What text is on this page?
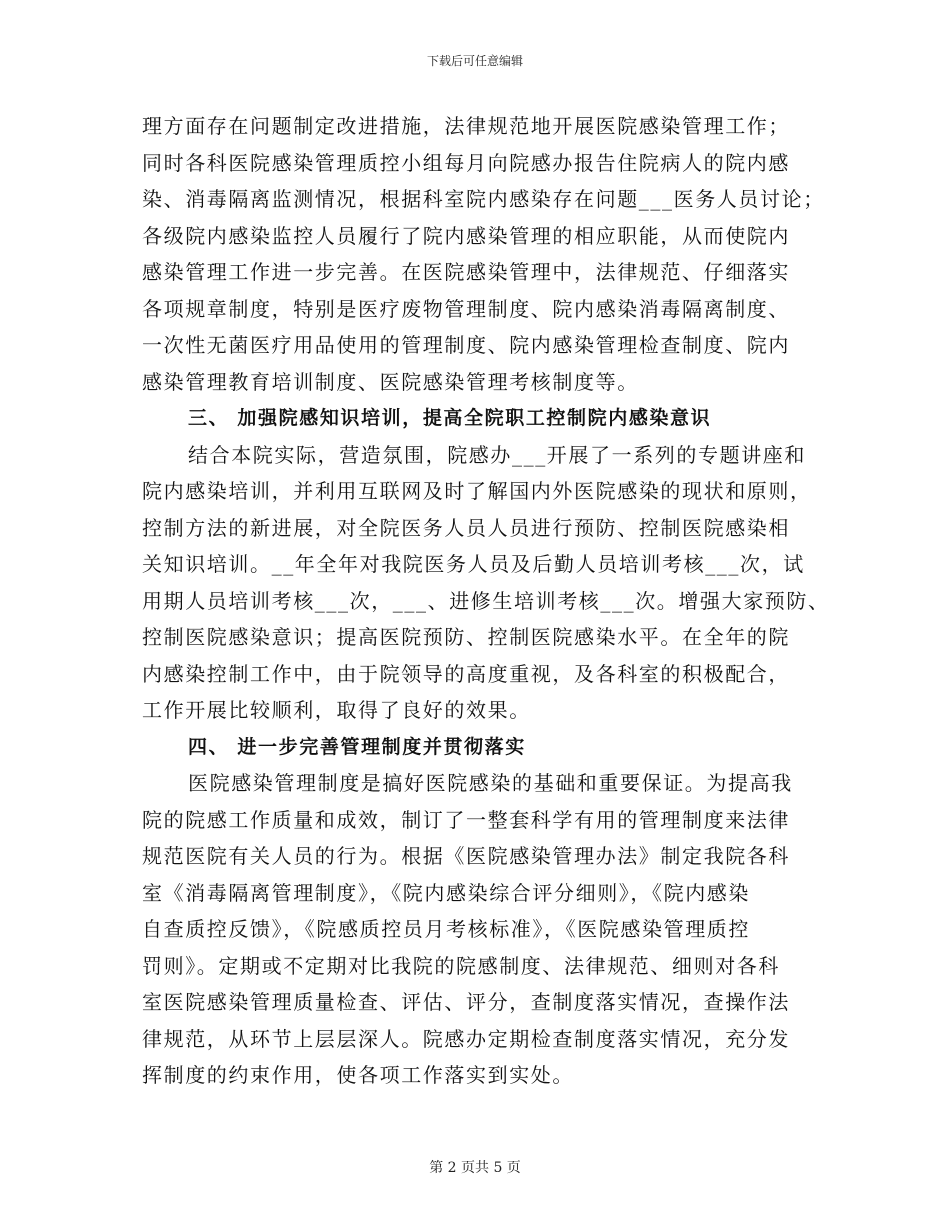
下载后可任意编辑
理方面存在问题制定改进措施，法律规范地开展医院感染管理工作；
同时各科医院感染管理质控小组每月向院感办报告住院病人的院内感
染、消毒隔离监测情况，根据科室院内感染存在问题___医务人员讨论；
各级院内感染监控人员履行了院内感染管理的相应职能，从而使院内
感染管理工作进一步完善。在医院感染管理中，法律规范、仔细落实
各项规章制度，特别是医疗废物管理制度、院内感染消毒隔离制度、
一次性无菌医疗用品使用的管理制度、院内感染管理检查制度、院内
感染管理教育培训制度、医院感染管理考核制度等。
三、 加强院感知识培训，提高全院职工控制院内感染意识
结合本院实际，营造氛围，院感办___开展了一系列的专题讲座和
院内感染培训，并利用互联网及时了解国内外医院感染的现状和原则，
控制方法的新进展，对全院医务人员人员进行预防、控制医院感染相
关知识培训。__年全年对我院医务人员及后勤人员培训考核___次，试
用期人员培训考核___次，___、进修生培训考核___次。增强大家预防、
控制医院感染意识；提高医院预防、控制医院感染水平。在全年的院
内感染控制工作中，由于院领导的高度重视，及各科室的积极配合，
工作开展比较顺利，取得了良好的效果。
四、 进一步完善管理制度并贯彻落实
医院感染管理制度是搞好医院感染的基础和重要保证。为提高我
院的院感工作质量和成效，制订了一整套科学有用的管理制度来法律
规范医院有关人员的行为。根据《医院感染管理办法》制定我院各科
室《消毒隔离管理制度》，《院内感染综合评分细则》，《院内感染
自查质控反馈》，《院感质控员月考核标准》，《医院感染管理质控
罚则》。定期或不定期对比我院的院感制度、法律规范、细则对各科
室医院感染管理质量检查、评估、评分，查制度落实情况，查操作法
律规范，从环节上层层深人。院感办定期检查制度落实情况，充分发
挥制度的约束作用，使各项工作落实到实处。
第 2 页共 5 页
